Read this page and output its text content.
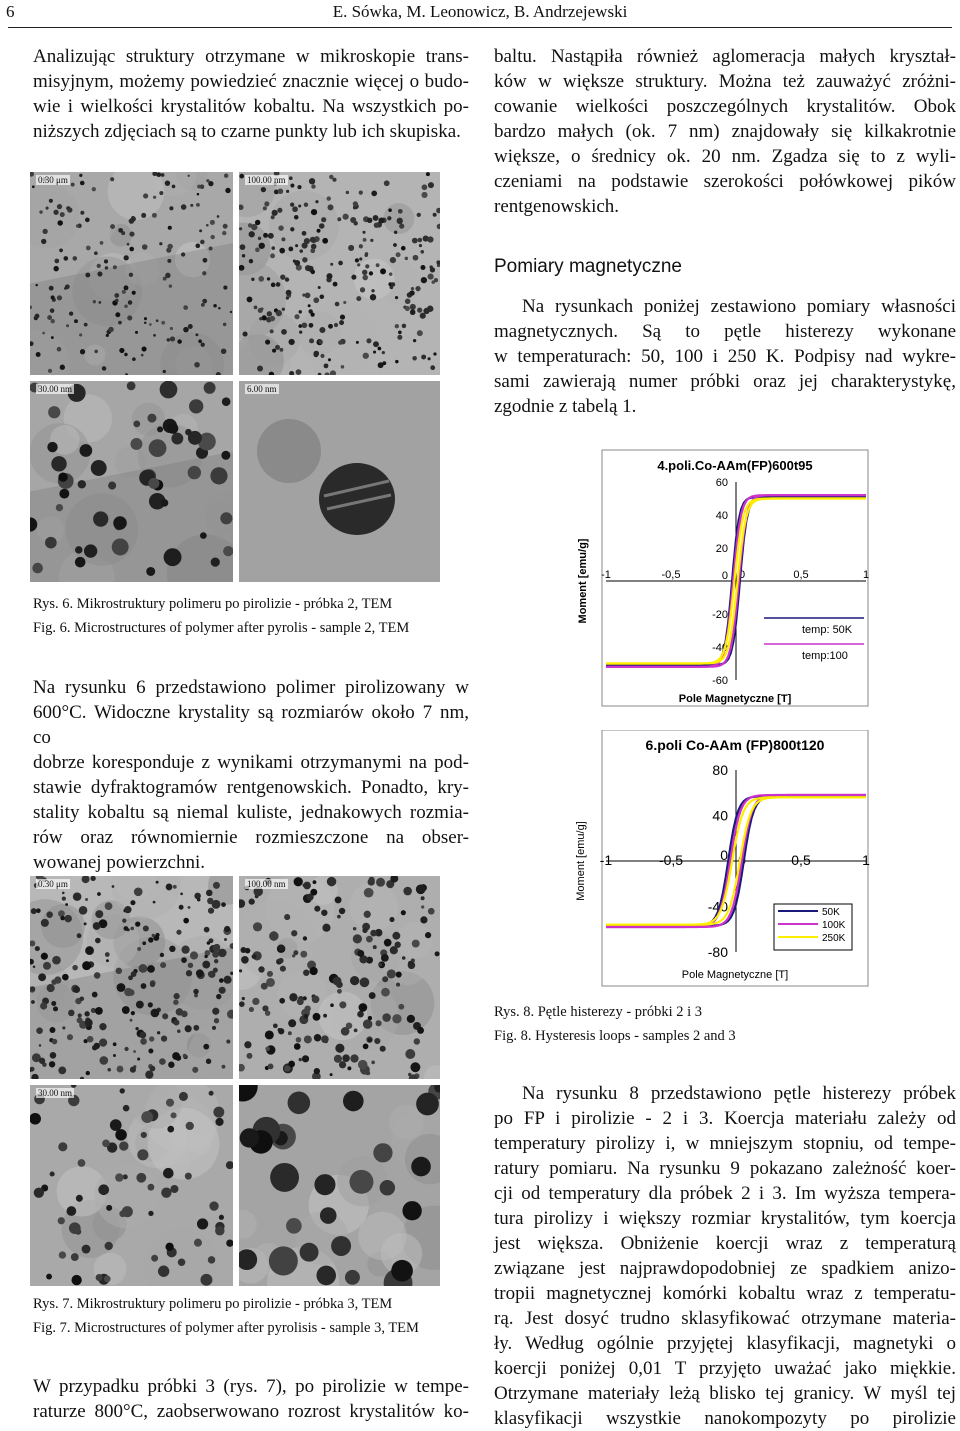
6	E. Sówka, M. Leonowicz, B. Andrzejewski
Analizując struktury otrzymane w mikroskopie trans-
misyjnym, możemy powiedzieć znacznie więcej o budo-
wie i wielkości krystalitów kobaltu. Na wszystkich po-
niższych zdjęciach są to czarne punkty lub ich skupiska.
0.30 μm	100.00 nm
30.00 nm	6.00 nm
Rys. 6. Mikrostruktury polimeru po pirolizie - próbka 2, TEM
Fig. 6. Microstructures of polymer after pyrolis - sample 2, TEM
Na rysunku 6 przedstawiono polimer pirolizowany w
600°C. Widoczne krystality są rozmiarów około 7 nm, co
dobrze koresponduje z wynikami otrzymanymi na pod-
stawie dyfraktogramów rentgenowskich. Ponadto, kry-
stality kobaltu są niemal kuliste, jednakowych rozmia-
rów oraz równomiernie rozmieszczone na obser-
wowanej powierzchni.
0.30 μm	100.00 nm
30.00 nm
Rys. 7. Mikrostruktury polimeru po pirolizie - próbka 3, TEM
Fig. 7. Microstructures of polymer after pyrolisis - sample 3, TEM
W przypadku próbki 3 (rys. 7), po pirolizie w tempe-
raturze 800°C, zaobserwowano rozrost krystalitów ko-
baltu. Nastąpiła również aglomeracja małych kryształ-
ków w większe struktury. Można też zauważyć zróżni-
cowanie wielkości poszczególnych krystalitów. Obok
bardzo małych (ok. 7 nm) znajdowały się kilkakrotnie
większe, o średnicy ok. 20 nm. Zgadza się to z wyli-
czeniami na podstawie szerokości połówkowej pików
rentgenowskich.
Pomiary magnetyczne
Na rysunkach poniżej zestawiono pomiary własności
magnetycznych. Są to pętle histerezy wykonane
w temperaturach: 50, 100 i 250 K. Podpisy nad wykre-
sami zawierają numer próbki oraz jej charakterystykę,
zgodnie z tabelą 1.
4.poli.Co-AAm(FP)600t95
-1	-0,5	0	0,5	1
60
40
20
0
-20
-40
-60
temp: 50K
temp:100
Pole Magnetyczne [T]
Moment [emu/g]
6.poli Co-AAm (FP)800t120
-1	-0,5	0	0,5	1
80
40
0
-40
-80
50K
100K
250K
Pole Magnetyczne [T]
Moment [emu/g]
Rys. 8. Pętle histerezy - próbki 2 i 3
Fig. 8. Hysteresis loops - samples 2 and 3
Na rysunku 8 przedstawiono pętle histerezy próbek
po FP i pirolizie - 2 i 3. Koercja materiału zależy od
temperatury pirolizy i, w mniejszym stopniu, od tempe-
ratury pomiaru. Na rysunku 9 pokazano zależność koer-
cji od temperatury dla próbek 2 i 3. Im wyższa tempera-
tura pirolizy i większy rozmiar krystalitów, tym koercja
jest większa. Obniżenie koercji wraz z temperaturą
związane jest najprawdopodobniej ze spadkiem anizo-
tropii magnetycznej komórki kobaltu wraz z temperatu-
rą. Jest dosyć trudno sklasyfikować otrzymane materia-
ły. Według ogólnie przyjętej klasyfikacji, magnetyki o
koercji poniżej 0,01 T przyjęto uważać jako miękkie.
Otrzymane materiały leżą blisko tej granicy. W myśl tej
klasyfikacji wszystkie nanokompozyty po pirolizie
